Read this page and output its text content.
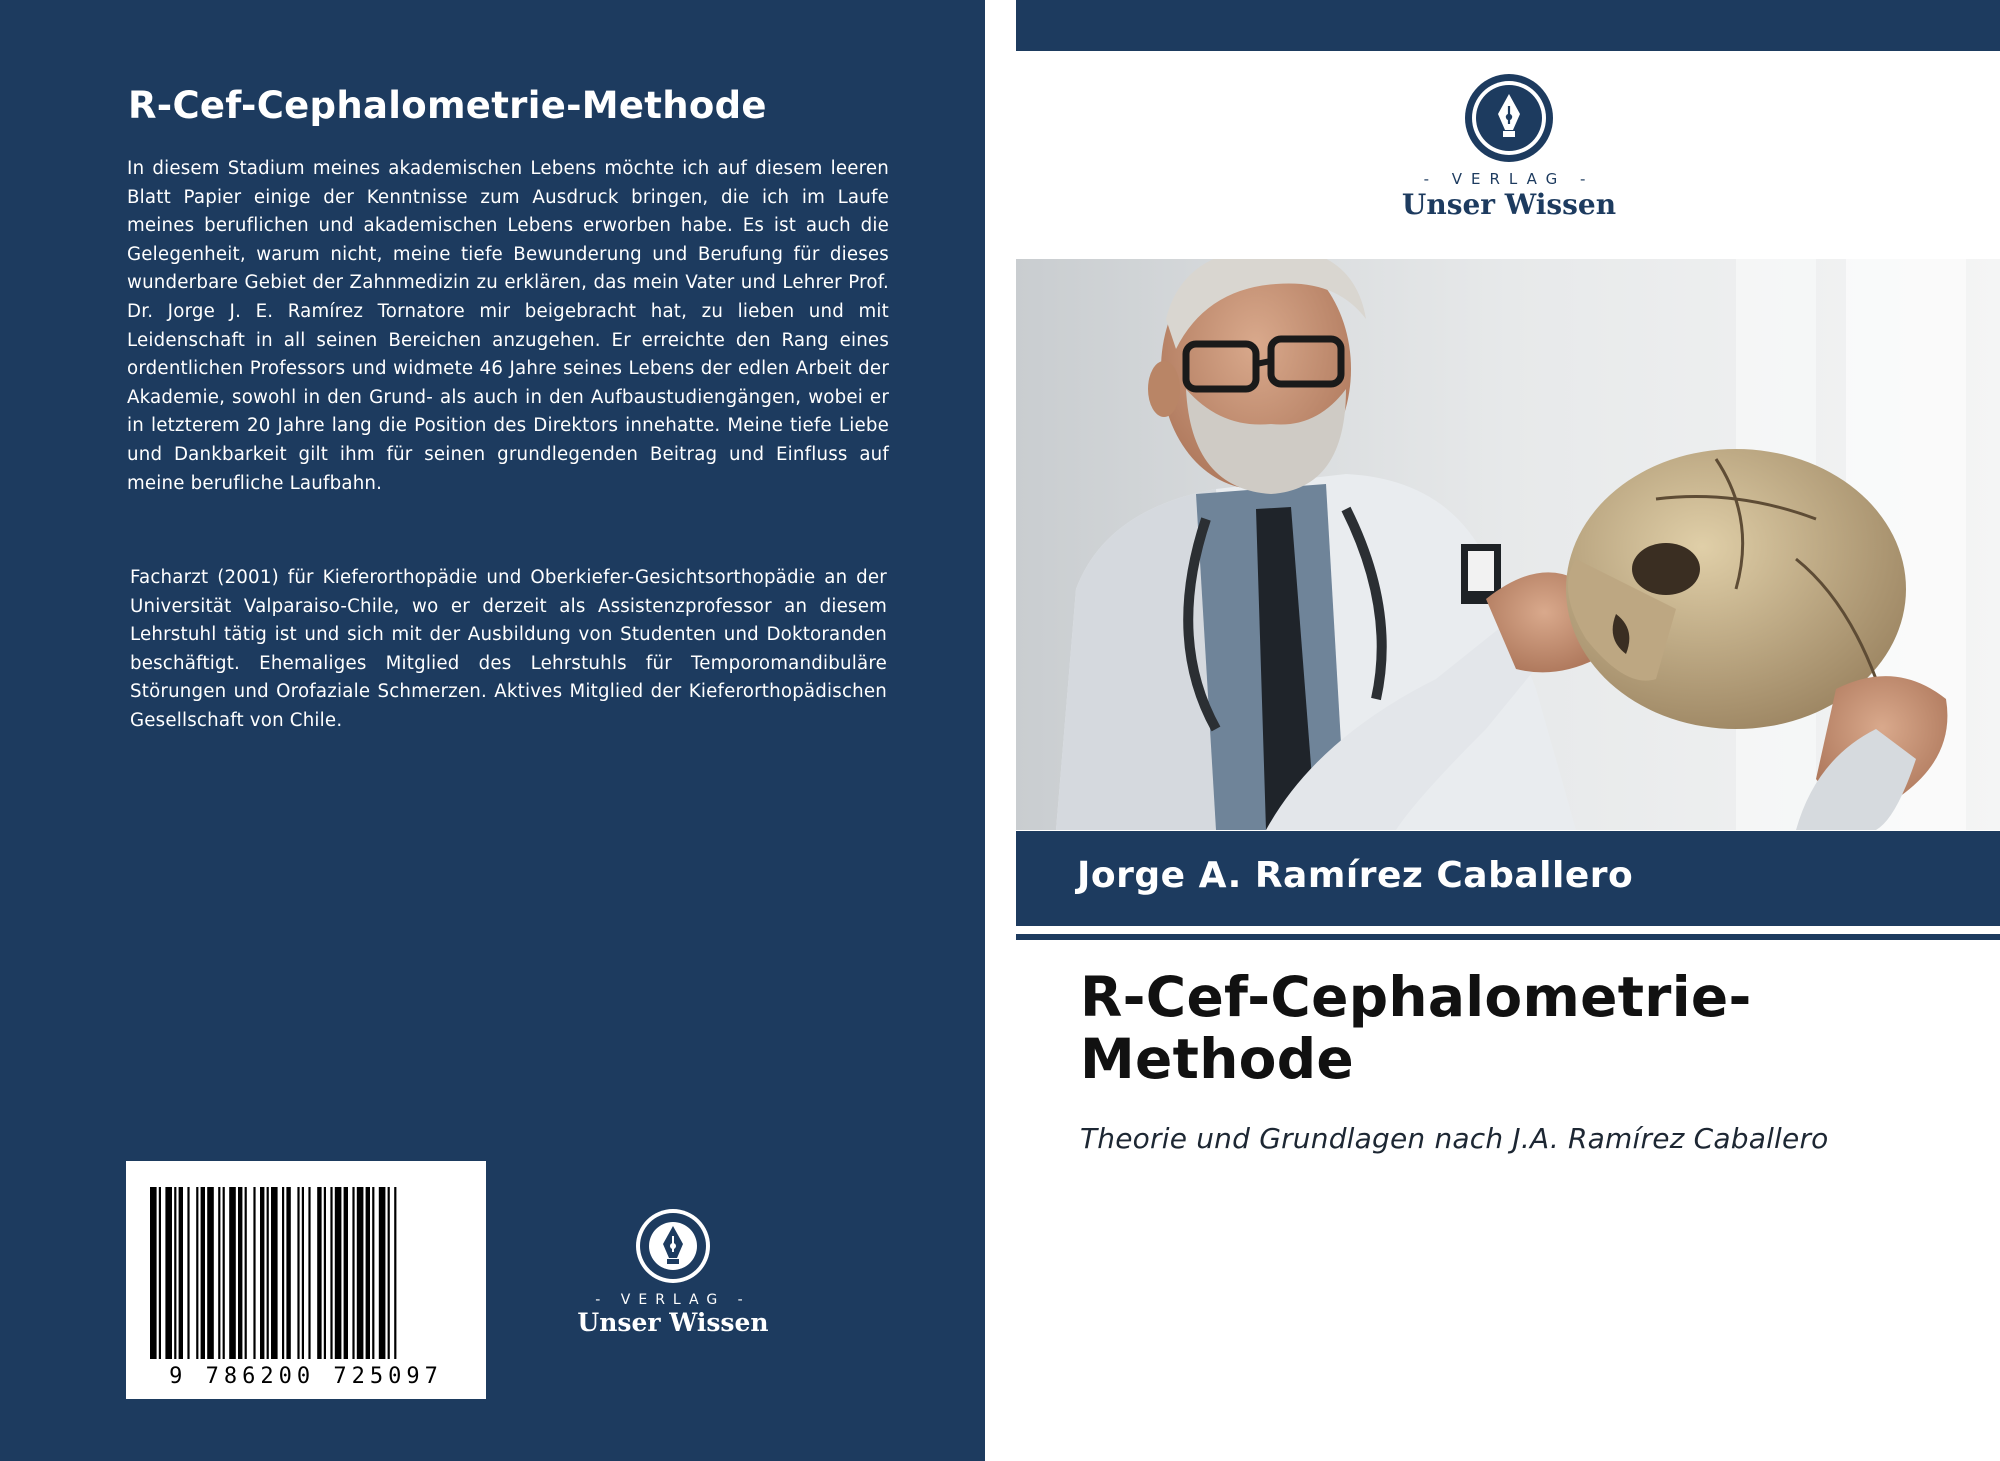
R-Cef-Cephalometrie-Methode
In diesem Stadium meines akademischen Lebens möchte ich auf diesem leeren Blatt Papier einige der Kenntnisse zum Ausdruck bringen, die ich im Laufe meines beruflichen und akademischen Lebens erworben habe. Es ist auch die Gelegenheit, warum nicht, meine tiefe Bewunderung und Berufung für dieses wunderbare Gebiet der Zahnmedizin zu erklären, das mein Vater und Lehrer Prof. Dr. Jorge J. E. Ramírez Tornatore mir beigebracht hat, zu lieben und mit Leidenschaft in all seinen Bereichen anzugehen. Er erreichte den Rang eines ordentlichen Professors und widmete 46 Jahre seines Lebens der edlen Arbeit der Akademie, sowohl in den Grund- als auch in den Aufbaustudiengängen, wobei er in letzterem 20 Jahre lang die Position des Direktors innehatte. Meine tiefe Liebe und Dankbarkeit gilt ihm für seinen grundlegenden Beitrag und Einfluss auf meine berufliche Laufbahn.
Facharzt (2001) für Kieferorthopädie und Oberkiefer-Gesichtsorthopädie an der Universität Valparaiso-Chile, wo er derzeit als Assistenzprofessor an diesem Lehrstuhl tätig ist und sich mit der Ausbildung von Studenten und Doktoranden beschäftigt. Ehemaliges Mitglied des Lehrstuhls für Temporomandibuläre Störungen und Orofaziale Schmerzen. Aktives Mitglied der Kieferorthopädischen Gesellschaft von Chile.
9 786200 725097
- VERLAG -
Unser Wissen
- VERLAG -
Unser Wissen
Jorge A. Ramírez Caballero
R-Cef-Cephalometrie-
Methode
Theorie und Grundlagen nach J.A. Ramírez Caballero
